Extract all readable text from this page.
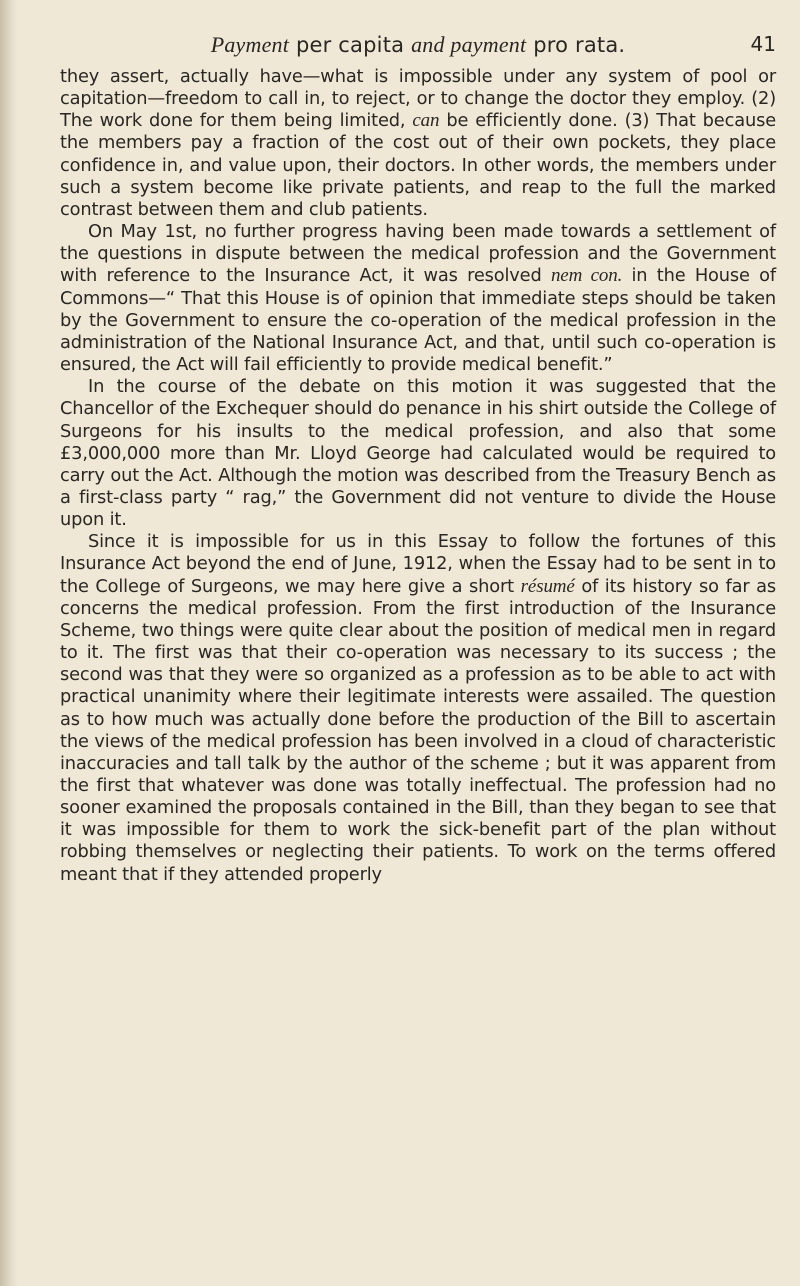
Payment per capita and payment pro rata.	41

they assert, actually have—what is impossible under any system of pool or capitation—freedom to call in, to reject, or to change the doctor they employ. (2) The work done for them being limited, can be efficiently done. (3) That because the members pay a fraction of the cost out of their own pockets, they place confidence in, and value upon, their doctors. In other words, the members under such a system become like private patients, and reap to the full the marked contrast between them and club patients.

On May 1st, no further progress having been made towards a settlement of the questions in dispute between the medical profession and the Government with reference to the Insurance Act, it was resolved nem con. in the House of Commons—“ That this House is of opinion that immediate steps should be taken by the Government to ensure the co-operation of the medical profession in the administration of the National Insurance Act, and that, until such co-operation is ensured, the Act will fail efficiently to provide medical benefit.”

In the course of the debate on this motion it was suggested that the Chancellor of the Exchequer should do penance in his shirt outside the College of Surgeons for his insults to the medical profession, and also that some £3,000,000 more than Mr. Lloyd George had calculated would be required to carry out the Act. Although the motion was described from the Treasury Bench as a first-class party “ rag,” the Government did not venture to divide the House upon it.

Since it is impossible for us in this Essay to follow the fortunes of this Insurance Act beyond the end of June, 1912, when the Essay had to be sent in to the College of Surgeons, we may here give a short résumé of its history so far as concerns the medical profession. From the first introduction of the Insurance Scheme, two things were quite clear about the position of medical men in regard to it. The first was that their co-operation was necessary to its success ; the second was that they were so organized as a profession as to be able to act with practical unanimity where their legitimate interests were assailed. The question as to how much was actually done before the production of the Bill to ascertain the views of the medical profession has been involved in a cloud of characteristic inaccuracies and tall talk by the author of the scheme ; but it was apparent from the first that whatever was done was totally ineffectual. The profession had no sooner examined the proposals contained in the Bill, than they began to see that it was impossible for them to work the sick-benefit part of the plan without robbing themselves or neglecting their patients. To work on the terms offered meant that if they attended properly
